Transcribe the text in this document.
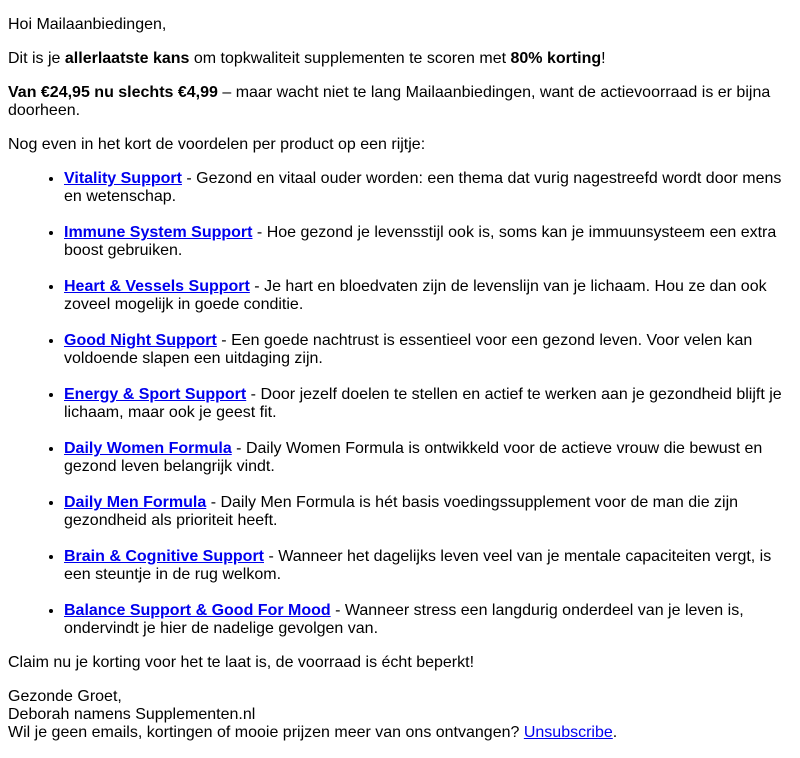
Hoi Mailaanbiedingen,

Dit is je allerlaatste kans om topkwaliteit supplementen te scoren met 80% korting!

Van €24,95 nu slechts €4,99 – maar wacht niet te lang Mailaanbiedingen, want de actievoorraad is er bijna doorheen.

Nog even in het kort de voordelen per product op een rijtje:

• Vitality Support - Gezond en vitaal ouder worden: een thema dat vurig nagestreefd wordt door mens en wetenschap.
• Immune System Support - Hoe gezond je levensstijl ook is, soms kan je immuunsysteem een extra boost gebruiken.
• Heart & Vessels Support - Je hart en bloedvaten zijn de levenslijn van je lichaam. Hou ze dan ook zoveel mogelijk in goede conditie.
• Good Night Support - Een goede nachtrust is essentieel voor een gezond leven. Voor velen kan voldoende slapen een uitdaging zijn.
• Energy & Sport Support - Door jezelf doelen te stellen en actief te werken aan je gezondheid blijft je lichaam, maar ook je geest fit.
• Daily Women Formula - Daily Women Formula is ontwikkeld voor de actieve vrouw die bewust en gezond leven belangrijk vindt.
• Daily Men Formula - Daily Men Formula is hét basis voedingssupplement voor de man die zijn gezondheid als prioriteit heeft.
• Brain & Cognitive Support - Wanneer het dagelijks leven veel van je mentale capaciteiten vergt, is een steuntje in de rug welkom.
• Balance Support & Good For Mood - Wanneer stress een langdurig onderdeel van je leven is, ondervindt je hier de nadelige gevolgen van.

Claim nu je korting voor het te laat is, de voorraad is écht beperkt!

Gezonde Groet,
Deborah namens Supplementen.nl
Wil je geen emails, kortingen of mooie prijzen meer van ons ontvangen? Unsubscribe.
